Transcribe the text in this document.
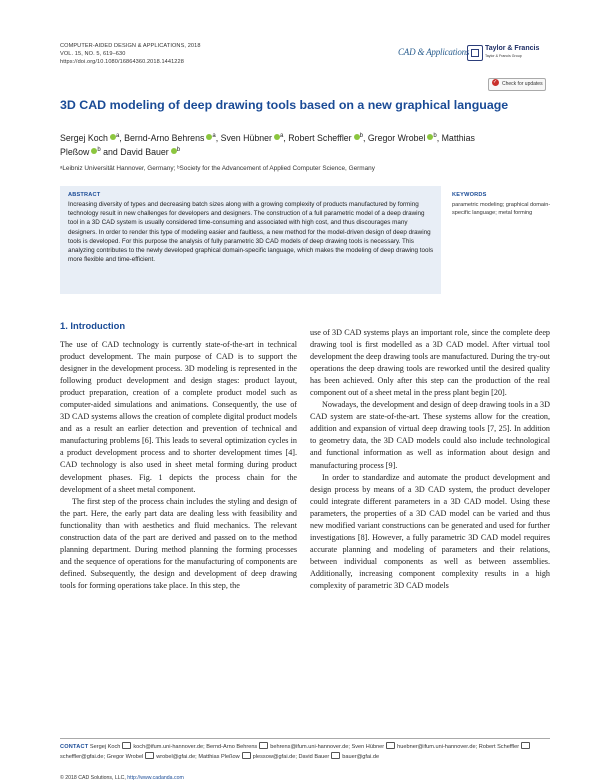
COMPUTER-AIDED DESIGN & APPLICATIONS, 2018
VOL. 15, NO. 5, 619–630
https://doi.org/10.1080/16864360.2018.1441228
CAD & Applications Taylor & Francis
Taylor & Francis Group
✓Check for updates
3D CAD modeling of deep drawing tools based on a new graphical language
Sergej Koch $^a$, Bernd-Arno Behrens $^a$, Sven Hübner $^a$, Robert Scheffler $^b$, Gregor Wrobel $^b$, Matthias
Pleßow $^b$ and David Bauer $^b$
ᵃLeibniz Universität Hannover, Germany; ᵇSociety for the Advancement of Applied Computer Science, Germany
ABSTRACT
Increasing diversity of types and decreasing batch sizes along with a growing complexity of products manufactured by forming technology result in new challenges for developers and designers. The construction of a full parametric model of a deep drawing tool in a 3D CAD system is usually considered time-consuming and associated with high cost, and thus discourages many designers. In order to render this type of modeling easier and faultless, a new method for the model-driven design of deep drawing tools is developed. For this purpose the analysis of fully parametric 3D CAD models of deep drawing tools is necessary. This analyzing contributes to the newly developed graphical domain-specific language, which makes the modeling of deep drawing tools more flexible and time-efficient.
KEYWORDS
parametric modeling; graphical domain-specific language; metal forming
1. Introduction

The use of CAD technology is currently state-of-the-art in technical product development. The main purpose of CAD is to support the designer in the development process. 3D modeling is represented in the following product development and design stages: product layout, product preparation, creation of a complete product model such as computer-aided simulations and animations. Consequently, the use of 3D CAD systems allows the creation of complete digital product models and as a result an earlier detection and prevention of technical and manufacturing problems [6]. This leads to several optimization cycles in a product development process and to shorter development times [4]. CAD technology is also used in sheet metal forming during product development phases. Fig. 1 depicts the process chain for the development of a sheet metal component.

The first step of the process chain includes the styling and design of the part. Here, the early part data are dealing less with feasibility and functionality than with aesthetics and fluid mechanics. The relevant construction data of the part are derived and passed on to the method planning department. During method planning the forming processes and the sequence of operations for the manufacturing of components are defined. Subsequently, the design and development of deep drawing tools for forming operations take place. In this step, the

use of 3D CAD systems plays an important role, since the complete deep drawing tool is first modelled as a 3D CAD model. After virtual tool development the deep drawing tools are manufactured. During the try-out operations the deep drawing tools are reworked until the desired quality has been achieved. Only after this step can the production of the real component out of a sheet metal in the press plant begin [20].

Nowadays, the development and design of deep drawing tools in a 3D CAD system are state-of-the-art. These systems allow for the creation, addition and expansion of virtual deep drawing tools [7, 25]. In addition to geometry data, the 3D CAD models could also include technological and functional information as well as information about design and manufacturing process [9].

In order to standardize and automate the product development and design process by means of a 3D CAD system, the product developer could integrate different parameters in a 3D CAD model. Using these parameters, the properties of a 3D CAD model can be varied and thus new modified variant constructions can be generated and used for further investigations [8]. However, a fully parametric 3D CAD model requires accurate planning and modeling of parameters and their relations, between individual components as well as between assemblies. Additionally, increasing component complexity results in a high complexity of parametric 3D CAD models

CONTACT Sergej Koch koch@ifum.uni-hannover.de; Bernd-Arno Behrens behrens@ifum.uni-hannover.de; Sven Hübner huebner@ifum.uni-hannover.de; Robert Schefflerscheffler@gfai.de; Gregor Wrobel wrobel@gfai.de; Matthias Pleßow plessow@gfai.de; David Bauer bauer@gfai.de
© 2018 CAD Solutions, LLC, http://www.cadanda.com
